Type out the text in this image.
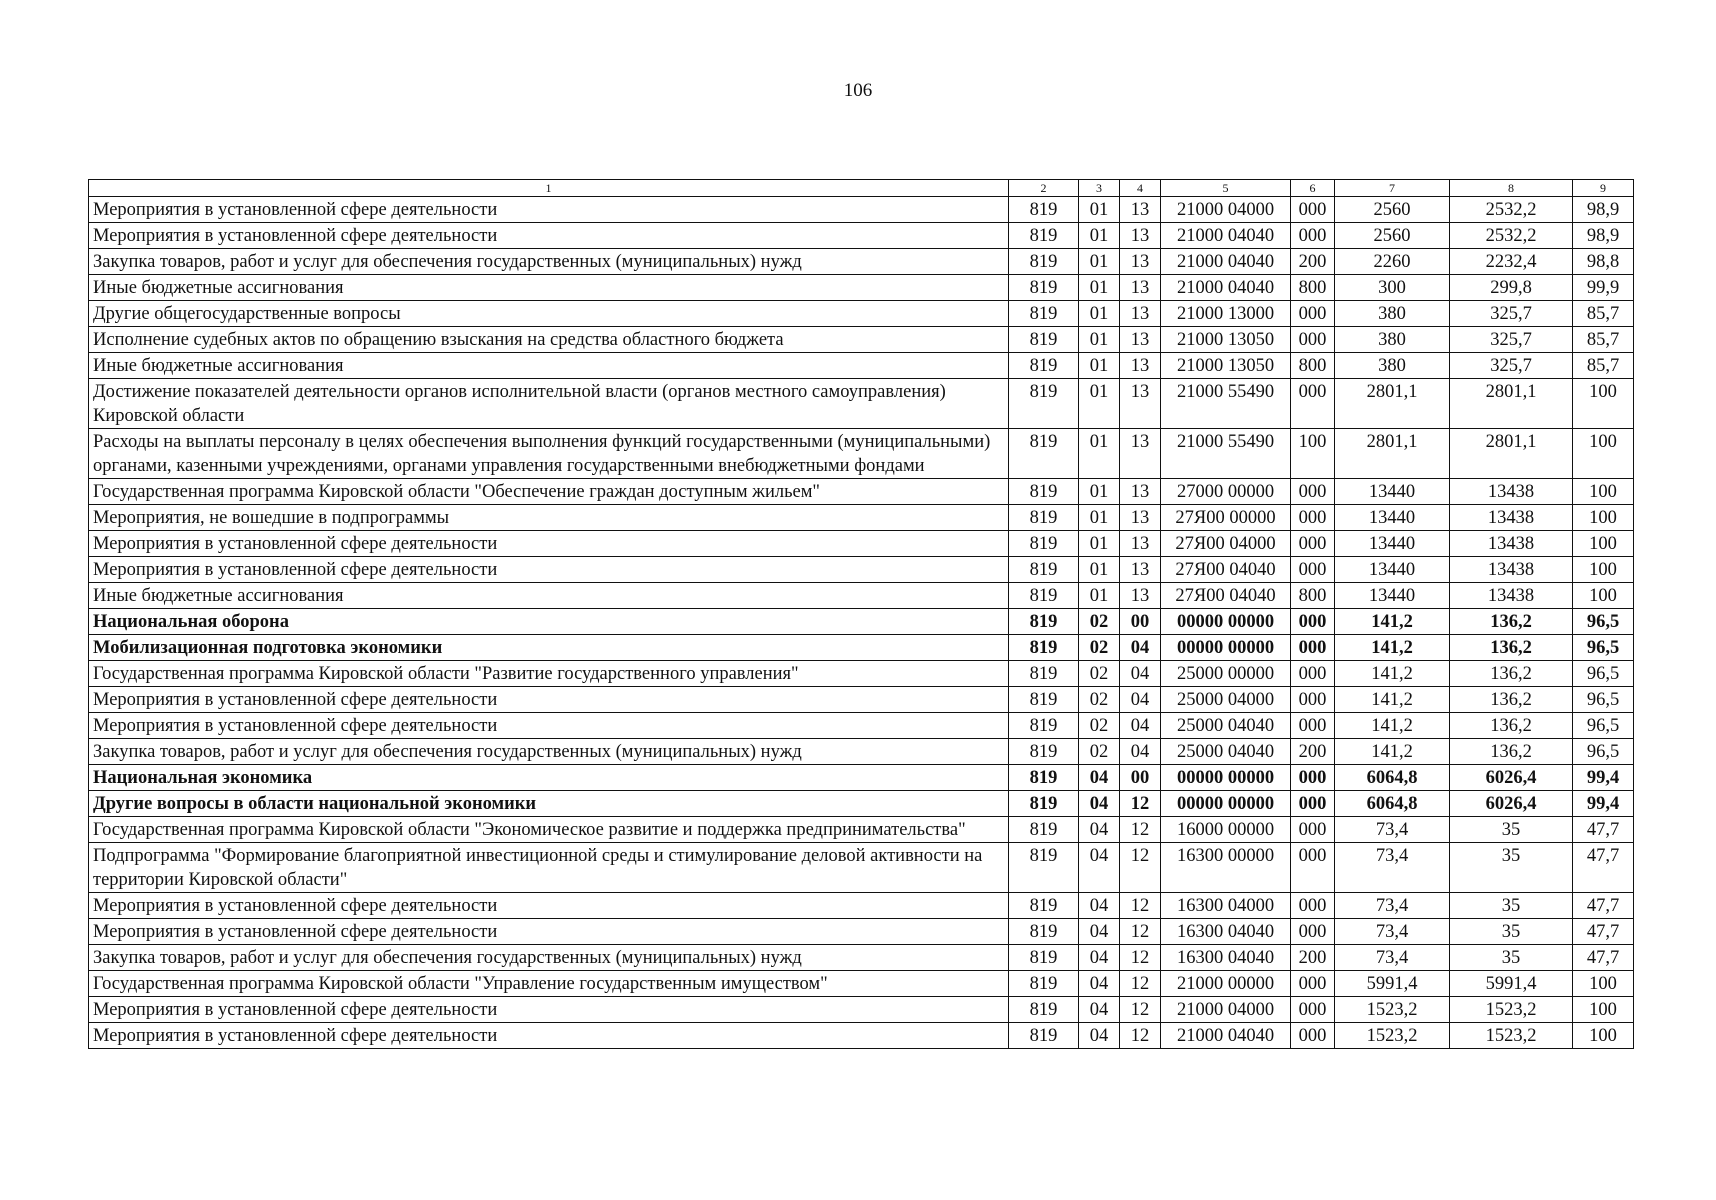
106
1	2	3	4	5	6	7	8	9
Мероприятия в установленной сфере деятельности	819	01	13	21000 04000	000	2560	2532,2	98,9
Мероприятия в установленной сфере деятельности	819	01	13	21000 04040	000	2560	2532,2	98,9
Закупка товаров, работ и услуг для обеспечения государственных (муниципальных) нужд	819	01	13	21000 04040	200	2260	2232,4	98,8
Иные бюджетные ассигнования	819	01	13	21000 04040	800	300	299,8	99,9
Другие общегосударственные вопросы	819	01	13	21000 13000	000	380	325,7	85,7
Исполнение судебных актов по обращению взыскания на средства областного бюджета	819	01	13	21000 13050	000	380	325,7	85,7
Иные бюджетные ассигнования	819	01	13	21000 13050	800	380	325,7	85,7
Достижение показателей деятельности органов исполнительной власти (органов местного самоуправления) Кировской области	819	01	13	21000 55490	000	2801,1	2801,1	100
Расходы на выплаты персоналу в целях обеспечения выполнения функций государственными (муниципальными) органами, казенными учреждениями, органами управления государственными внебюджетными фондами	819	01	13	21000 55490	100	2801,1	2801,1	100
Государственная программа Кировской области "Обеспечение граждан доступным жильем"	819	01	13	27000 00000	000	13440	13438	100
Мероприятия, не вошедшие в подпрограммы	819	01	13	27Я00 00000	000	13440	13438	100
Мероприятия в установленной сфере деятельности	819	01	13	27Я00 04000	000	13440	13438	100
Мероприятия в установленной сфере деятельности	819	01	13	27Я00 04040	000	13440	13438	100
Иные бюджетные ассигнования	819	01	13	27Я00 04040	800	13440	13438	100
Национальная оборона	819	02	00	00000 00000	000	141,2	136,2	96,5
Мобилизационная подготовка экономики	819	02	04	00000 00000	000	141,2	136,2	96,5
Государственная программа Кировской области "Развитие государственного управления"	819	02	04	25000 00000	000	141,2	136,2	96,5
Мероприятия в установленной сфере деятельности	819	02	04	25000 04000	000	141,2	136,2	96,5
Мероприятия в установленной сфере деятельности	819	02	04	25000 04040	000	141,2	136,2	96,5
Закупка товаров, работ и услуг для обеспечения государственных (муниципальных) нужд	819	02	04	25000 04040	200	141,2	136,2	96,5
Национальная экономика	819	04	00	00000 00000	000	6064,8	6026,4	99,4
Другие вопросы в области национальной экономики	819	04	12	00000 00000	000	6064,8	6026,4	99,4
Государственная программа Кировской области "Экономическое развитие и поддержка предпринимательства"	819	04	12	16000 00000	000	73,4	35	47,7
Подпрограмма "Формирование благоприятной инвестиционной среды и стимулирование деловой активности на территории Кировской области"	819	04	12	16300 00000	000	73,4	35	47,7
Мероприятия в установленной сфере деятельности	819	04	12	16300 04000	000	73,4	35	47,7
Мероприятия в установленной сфере деятельности	819	04	12	16300 04040	000	73,4	35	47,7
Закупка товаров, работ и услуг для обеспечения государственных (муниципальных) нужд	819	04	12	16300 04040	200	73,4	35	47,7
Государственная программа Кировской области "Управление государственным имуществом"	819	04	12	21000 00000	000	5991,4	5991,4	100
Мероприятия в установленной сфере деятельности	819	04	12	21000 04000	000	1523,2	1523,2	100
Мероприятия в установленной сфере деятельности	819	04	12	21000 04040	000	1523,2	1523,2	100
